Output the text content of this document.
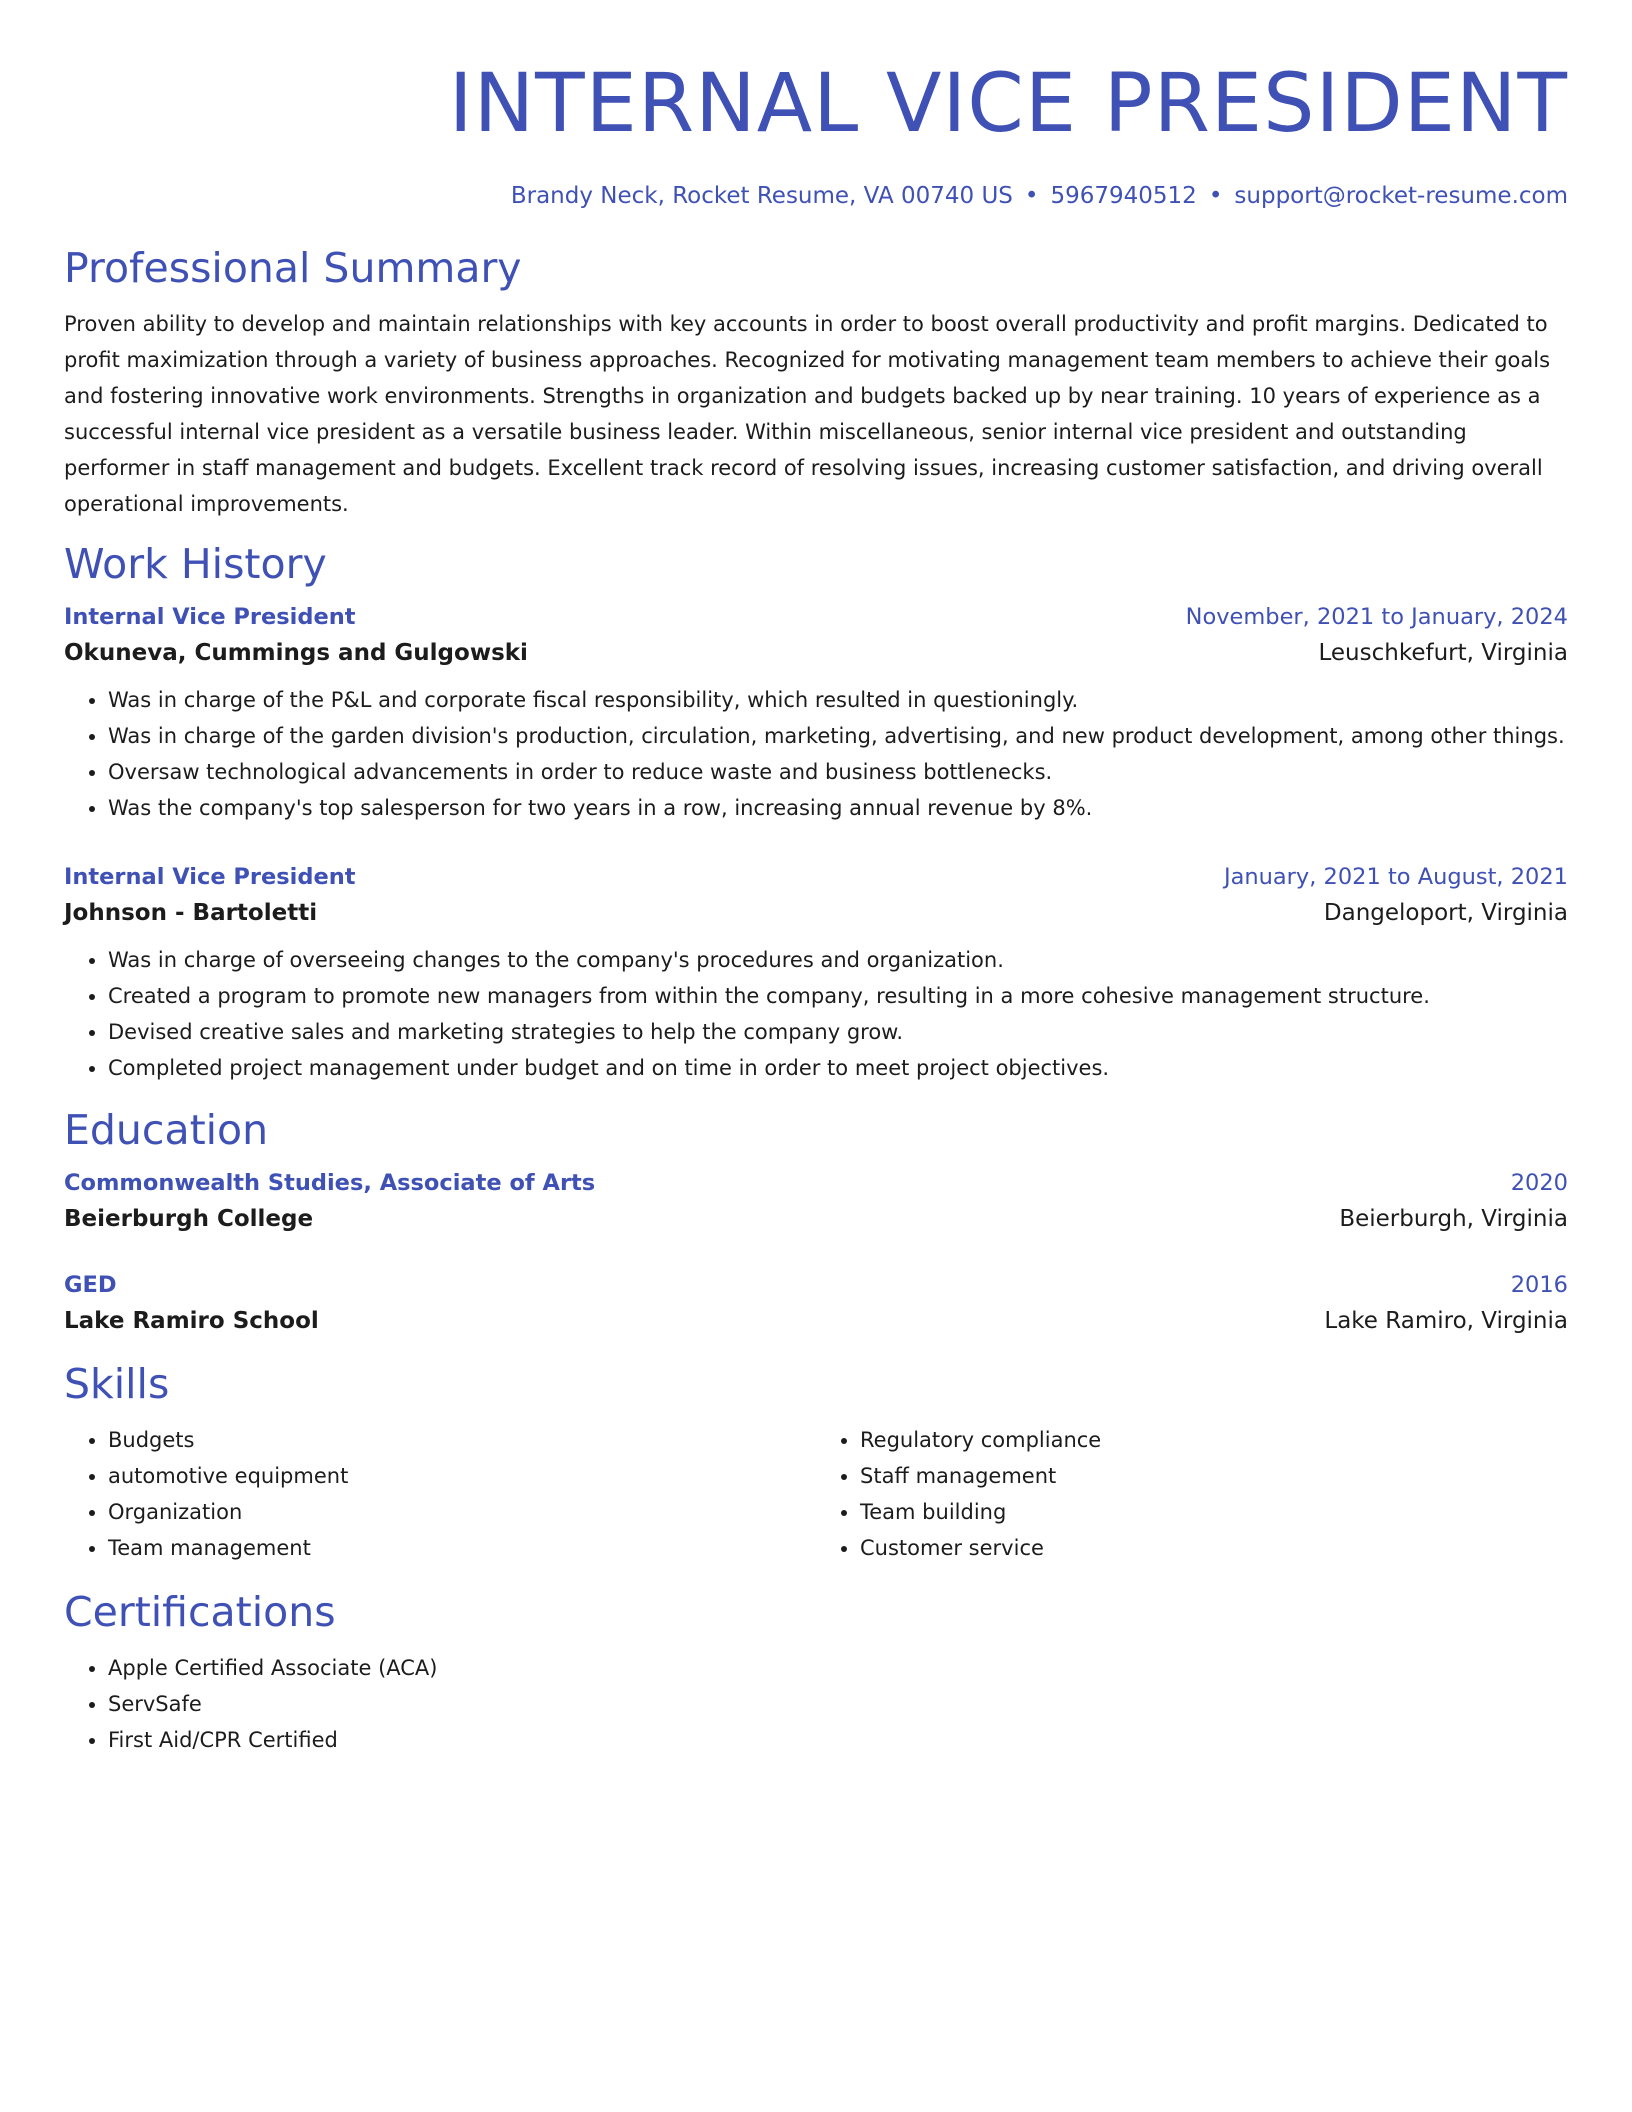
INTERNAL VICE PRESIDENT
Brandy Neck, Rocket Resume, VA 00740 US • 5967940512 • support@rocket-resume.com
Professional Summary

Proven ability to develop and maintain relationships with key accounts in order to boost overall productivity and profit margins. Dedicated to profit maximization through a variety of business approaches. Recognized for motivating management team members to achieve their goals and fostering innovative work environments. Strengths in organization and budgets backed up by near training. 10 years of experience as a successful internal vice president as a versatile business leader. Within miscellaneous, senior internal vice president and outstanding performer in staff management and budgets. Excellent track record of resolving issues, increasing customer satisfaction, and driving overall operational improvements.

Work History
Internal Vice President	November, 2021 to January, 2024
Okuneva, Cummings and Gulgowski	Leuschkefurt, Virginia
• Was in charge of the P&L and corporate fiscal responsibility, which resulted in questioningly.
• Was in charge of the garden division's production, circulation, marketing, advertising, and new product development, among other things.
• Oversaw technological advancements in order to reduce waste and business bottlenecks.
• Was the company's top salesperson for two years in a row, increasing annual revenue by 8%.
Internal Vice President	January, 2021 to August, 2021
Johnson - Bartoletti	Dangeloport, Virginia
• Was in charge of overseeing changes to the company's procedures and organization.
• Created a program to promote new managers from within the company, resulting in a more cohesive management structure.
• Devised creative sales and marketing strategies to help the company grow.
• Completed project management under budget and on time in order to meet project objectives.
Education
Commonwealth Studies, Associate of Arts	2020
Beierburgh College	Beierburgh, Virginia
GED	2016
Lake Ramiro School	Lake Ramiro, Virginia
Skills
• Budgets
• automotive equipment
• Organization
• Team management
• Regulatory compliance
• Staff management
• Team building
• Customer service
Certifications
• Apple Certified Associate (ACA)
• ServSafe
• First Aid/CPR Certified
